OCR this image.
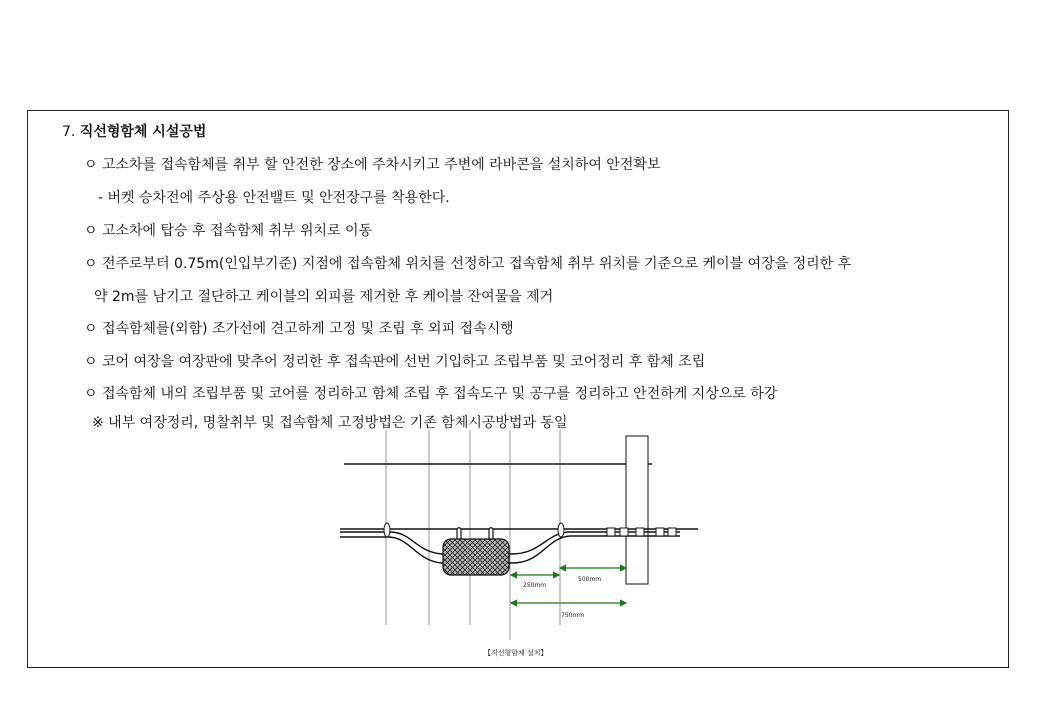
7. 직선형함체 시설공법
ㅇ 고소차를 접속함체를 취부 할 안전한 장소에 주차시키고 주변에 라바콘을 설치하여 안전확보
- 버켓 승차전에 주상용 안전밸트 및 안전장구를 착용한다.
ㅇ 고소차에 탑승 후 접속함체 취부 위치로 이동
ㅇ 전주로부터 0.75m(인입부기준) 지점에 접속함체 위치를 선정하고 접속함체 취부 위치를 기준으로 케이블 여장을 정리한 후
약 2m를 남기고 절단하고 케이블의 외피를 제거한 후 케이블 잔여물을 제거
ㅇ 접속함체를(외함) 조가선에 견고하게 고정 및 조립 후 외피 접속시행
ㅇ 코어 여장을 여장판에 맞추어 정리한 후 접속판에 선번 기입하고 조립부품 및 코어정리 후 함체 조립
ㅇ 접속함체 내의 조립부품 및 코어를 정리하고 함체 조립 후 접속도구 및 공구를 정리하고 안전하게 지상으로 하강
※ 내부 여장정리, 명찰취부 및 접속함체 고정방법은 기존 함체시공방법과 동일
500mm
250mm
750mm
【직선형함체 설치】
